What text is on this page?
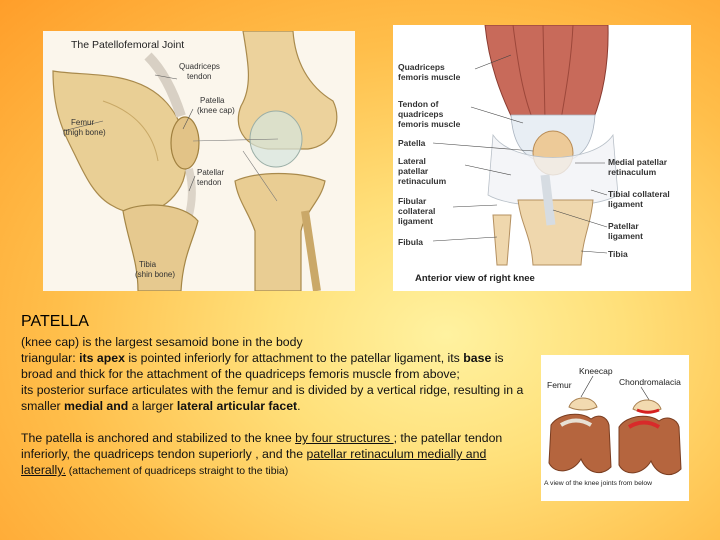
The Patellofemoral Joint
Quadriceps
tendon
Patella
(knee cap)
Femur
(thigh bone)
Patellar
tendon
Tibia
(shin bone)
Quadriceps
femoris muscle
Tendon of
quadriceps
femoris muscle
Patella
Lateral
patellar
retinaculum
Fibular
collateral
ligament
Fibula
Medial patellar
retinaculum
Tibial collateral
ligament
Patellar
ligament
Tibia
Anterior view of right knee
PATELLA

(knee cap) is the largest sesamoid bone in the body

triangular: its apex is pointed inferiorly for attachment to the patellar ligament, its base is broad and thick for the attachment of the quadriceps femoris muscle from above;

its posterior surface articulates with the femur and is divided by a vertical ridge, resulting in a smaller medial and a larger lateral articular facet.

The patella is anchored and stabilized to the knee by four structures ; the patellar tendon inferiorly, the quadriceps tendon superiorly , and the patellar retinaculum medially and laterally. (attachement of quadriceps straight to the tibia)

Kneecap
Femur	Chondromalacia
A view of the knee joints from below
